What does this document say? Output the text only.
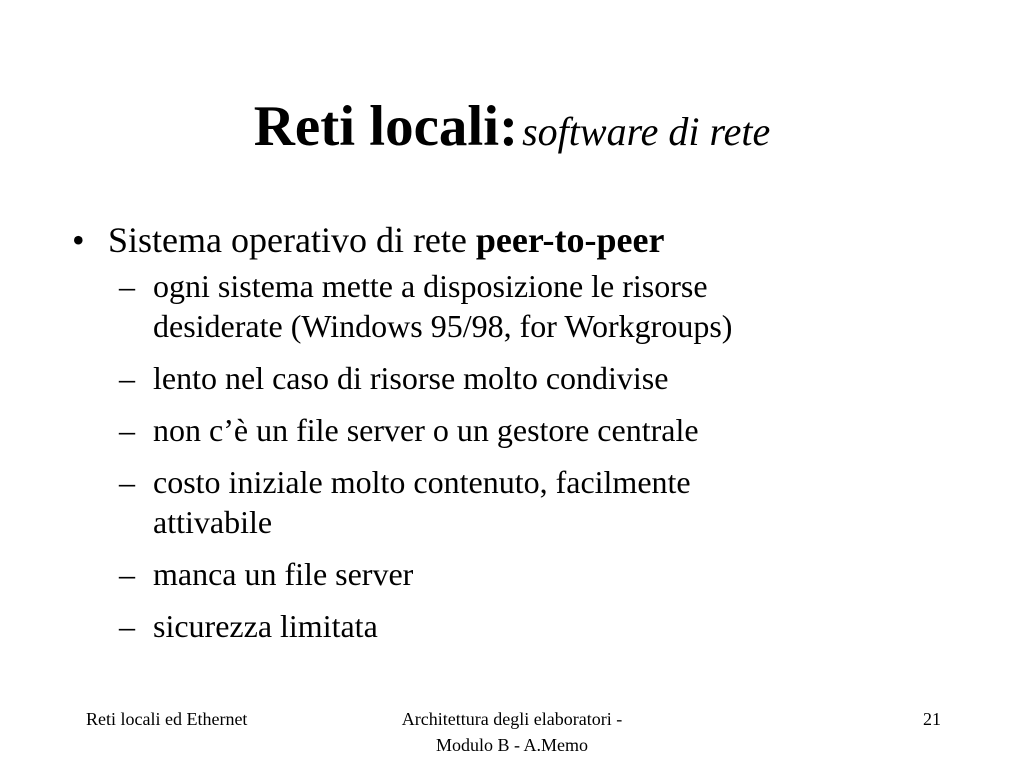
Reti locali: software di rete
• Sistema operativo di rete peer-to-peer
– ogni sistema mette a disposizione le risorse
desiderate (Windows 95/98, for Workgroups)
– lento nel caso di risorse molto condivise
– non c’è un file server o un gestore centrale
– costo iniziale molto contenuto, facilmente
attivabile
– manca un file server
– sicurezza limitata
Reti locali ed Ethernet	Architettura degli elaboratori -
Modulo B - A.Memo
21
